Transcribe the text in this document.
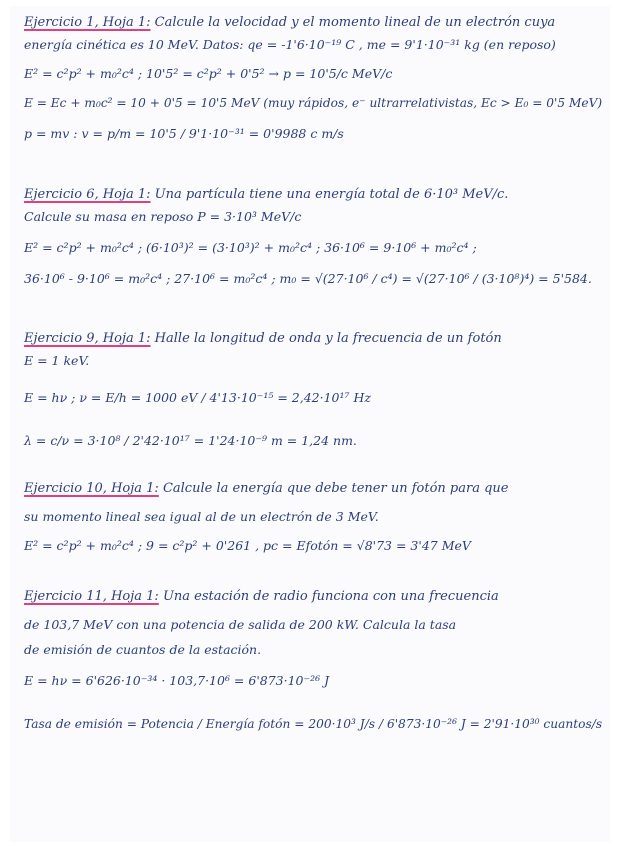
Ejercicio 1, Hoja 1: Calcule la velocidad y el momento lineal de un electrón cuya
energía cinética es 10 MeV. Datos: qe = -1'6·10⁻¹⁹ C , me = 9'1·10⁻³¹ kg (en reposo)
E² = c²p² + m₀²c⁴ ; 10'5² = c²p² + 0'5² → p = 10'5/c MeV/c
E = Ec + m₀c² = 10 + 0'5 = 10'5 MeV (muy rápidos, e⁻ ultrarrelativistas, Ec > E₀ = 0'5 MeV)
p = mv : v = p/m = 10'5 / 9'1·10⁻³¹ = 0'9988 c m/s
Ejercicio 6, Hoja 1: Una partícula tiene una energía total de 6·10³ MeV/c.
Calcule su masa en reposo P = 3·10³ MeV/c
E² = c²p² + m₀²c⁴ ; (6·10³)² = (3·10³)² + m₀²c⁴ ; 36·10⁶ = 9·10⁶ + m₀²c⁴ ;
36·10⁶ - 9·10⁶ = m₀²c⁴ ; 27·10⁶ = m₀²c⁴ ; m₀ = √(27·10⁶ / c⁴) = √(27·10⁶ / (3·10⁸)⁴) = 5'584.
Ejercicio 9, Hoja 1: Halle la longitud de onda y la frecuencia de un fotón
E = 1 keV.
E = hν ; ν = E/h = 1000 eV / 4'13·10⁻¹⁵ = 2,42·10¹⁷ Hz
λ = c/ν = 3·10⁸ / 2'42·10¹⁷ = 1'24·10⁻⁹ m = 1,24 nm.
Ejercicio 10, Hoja 1: Calcule la energía que debe tener un fotón para que
su momento lineal sea igual al de un electrón de 3 MeV.
E² = c²p² + m₀²c⁴ ; 9 = c²p² + 0'261 , pc = Efotón = √8'73 = 3'47 MeV
Ejercicio 11, Hoja 1: Una estación de radio funciona con una frecuencia
de 103,7 MeV con una potencia de salida de 200 kW. Calcula la tasa
de emisión de cuantos de la estación.
E = hν = 6'626·10⁻³⁴ · 103,7·10⁶ = 6'873·10⁻²⁶ J
Tasa de emisión = Potencia / Energía fotón = 200·10³ J/s / 6'873·10⁻²⁶ J = 2'91·10³⁰ cuantos/s
